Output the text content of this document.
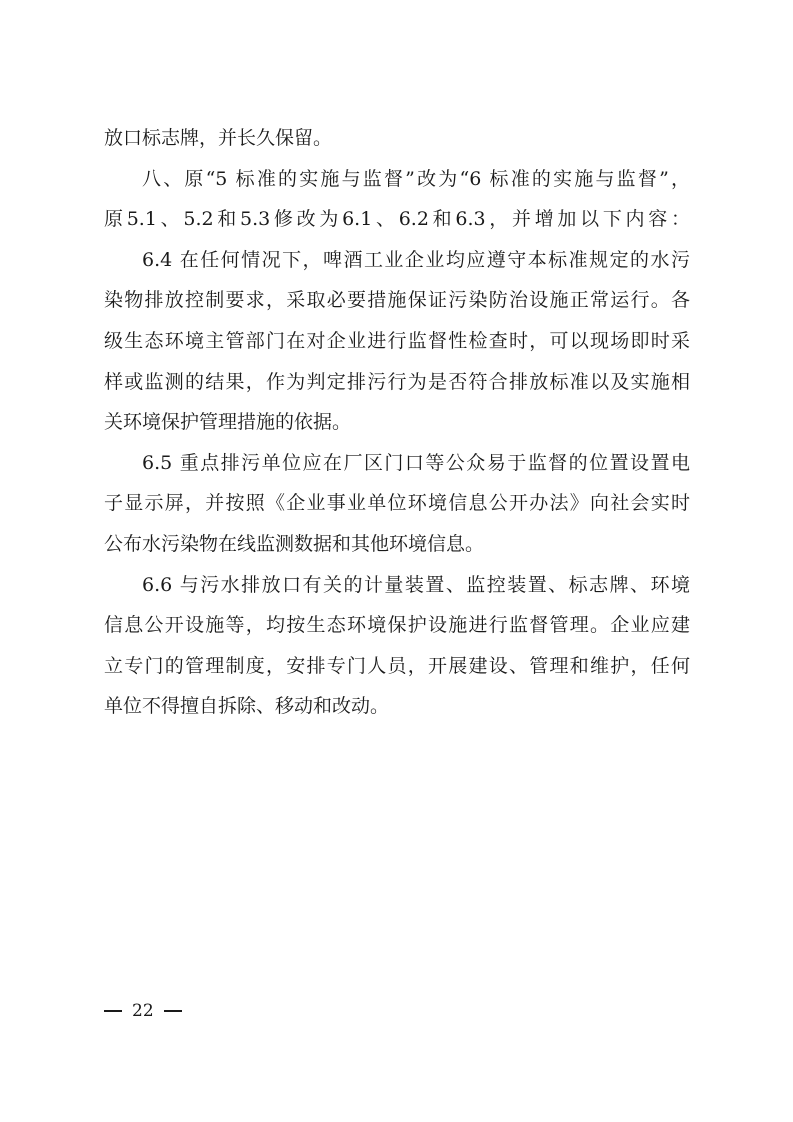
放口标志牌，并长久保留。
八、原“5 标准的实施与监督”改为“6 标准的实施与监督”，
原5.1、5.2和5.3修改为6.1、6.2和6.3，并增加以下内容：
6.4 在任何情况下，啤酒工业企业均应遵守本标准规定的水污
染物排放控制要求，采取必要措施保证污染防治设施正常运行。各
级生态环境主管部门在对企业进行监督性检查时，可以现场即时采
样或监测的结果，作为判定排污行为是否符合排放标准以及实施相
关环境保护管理措施的依据。
6.5 重点排污单位应在厂区门口等公众易于监督的位置设置电
子显示屏，并按照《企业事业单位环境信息公开办法》向社会实时
公布水污染物在线监测数据和其他环境信息。
6.6 与污水排放口有关的计量装置、监控装置、标志牌、环境
信息公开设施等，均按生态环境保护设施进行监督管理。企业应建
立专门的管理制度，安排专门人员，开展建设、管理和维护，任何
单位不得擅自拆除、移动和改动。
22
